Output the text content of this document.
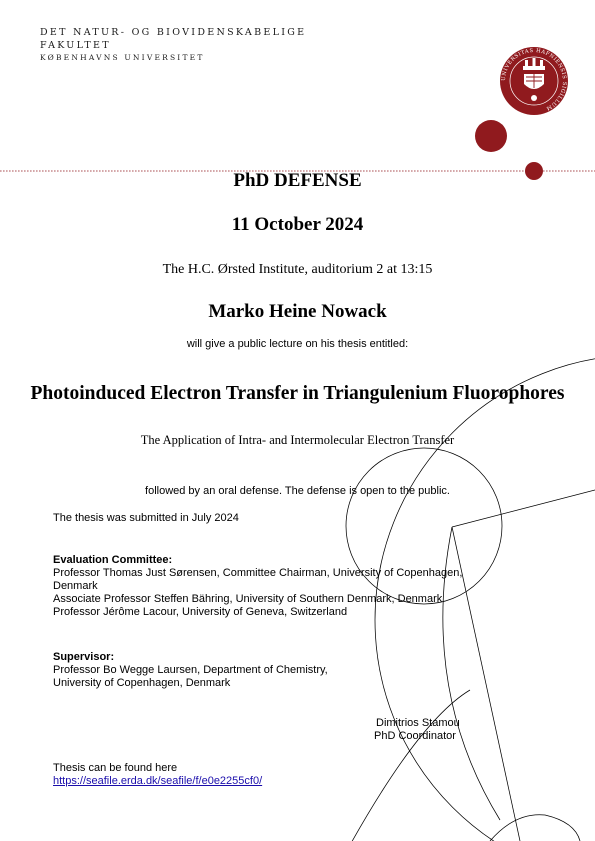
UNIVERSITAS HAFNIENSIS SIGILLUM
DET NATUR- OG BIOVIDENSKABELIGE
FAKULTET
KØBENHAVNS UNIVERSITET
PhD DEFENSE
11 October 2024
The H.C. Ørsted Institute, auditorium 2 at 13:15
Marko Heine Nowack
will give a public lecture on his thesis entitled:
Photoinduced Electron Transfer in Triangulenium Fluorophores
The Application of Intra- and Intermolecular Electron Transfer
followed by an oral defense. The defense is open to the public.
The thesis was submitted in July 2024
Evaluation Committee:
Professor Thomas Just Sørensen, Committee Chairman, University of Copenhagen,
Denmark
Associate Professor Steffen Bähring, University of Southern Denmark, Denmark
Professor Jérôme Lacour, University of Geneva, Switzerland
Supervisor:
Professor Bo Wegge Laursen, Department of Chemistry,
University of Copenhagen, Denmark
Dimitrios Stamou
PhD Coordinator
Thesis can be found here
https://seafile.erda.dk/seafile/f/e0e2255cf0/
